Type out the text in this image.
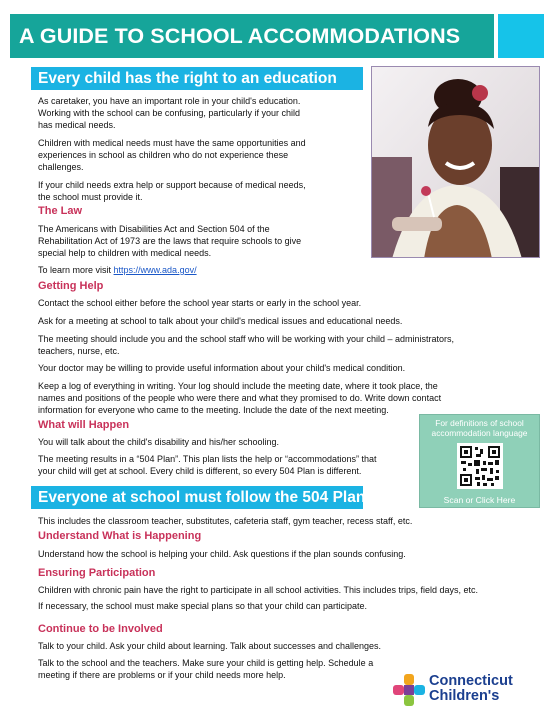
A GUIDE TO SCHOOL ACCOMMODATIONS
Every child has the right to an education
As caretaker, you have an important role in your child's education.
Working with the school can be confusing, particularly if your child
has medical needs.
Children with medical needs must have the same opportunities and
experiences in school as children who do not experience these
challenges.
If your child needs extra help or support because of medical needs,
the school must provide it.
The Law
The Americans with Disabilities Act and Section 504 of the
Rehabilitation Act of 1973 are the laws that require schools to give
special help to children with medical needs.
To learn more visit https://www.ada.gov/
Getting Help
Contact the school either before the school year starts or early in the school year.
Ask for a meeting at school to talk about your child's medical issues and educational needs.
The meeting should include you and the school staff who will be working with your child – administrators,
teachers, nurse, etc.
Your doctor may be willing to provide useful information about your child's medical condition.
Keep a log of everything in writing. Your log should include the meeting date, where it took place, the
names and positions of the people who were there and what they promised to do. Write down contact
information for everyone who came to the meeting. Include the date of the next meeting.
What will Happen
You will talk about the child's disability and his/her schooling.
The meeting results in a “504 Plan”. This plan lists the help or “accommodations” that
your child will get at school. Every child is different, so every 504 Plan is different.
For definitions of school
accommodation language
Scan or Click Here
Everyone at school must follow the 504 Plan.
This includes the classroom teacher, substitutes, cafeteria staff, gym teacher, recess staff, etc.
Understand What is Happening
Understand how the school is helping your child. Ask questions if the plan sounds confusing.
Ensuring Participation
Children with chronic pain have the right to participate in all school activities. This includes trips, field days, etc.
If necessary, the school must make special plans so that your child can participate.
Continue to be Involved
Talk to your child. Ask your child about learning. Talk about successes and challenges.
Talk to the school and the teachers. Make sure your child is getting help. Schedule a
meeting if there are problems or if your child needs more help.	Connecticut
Children's
